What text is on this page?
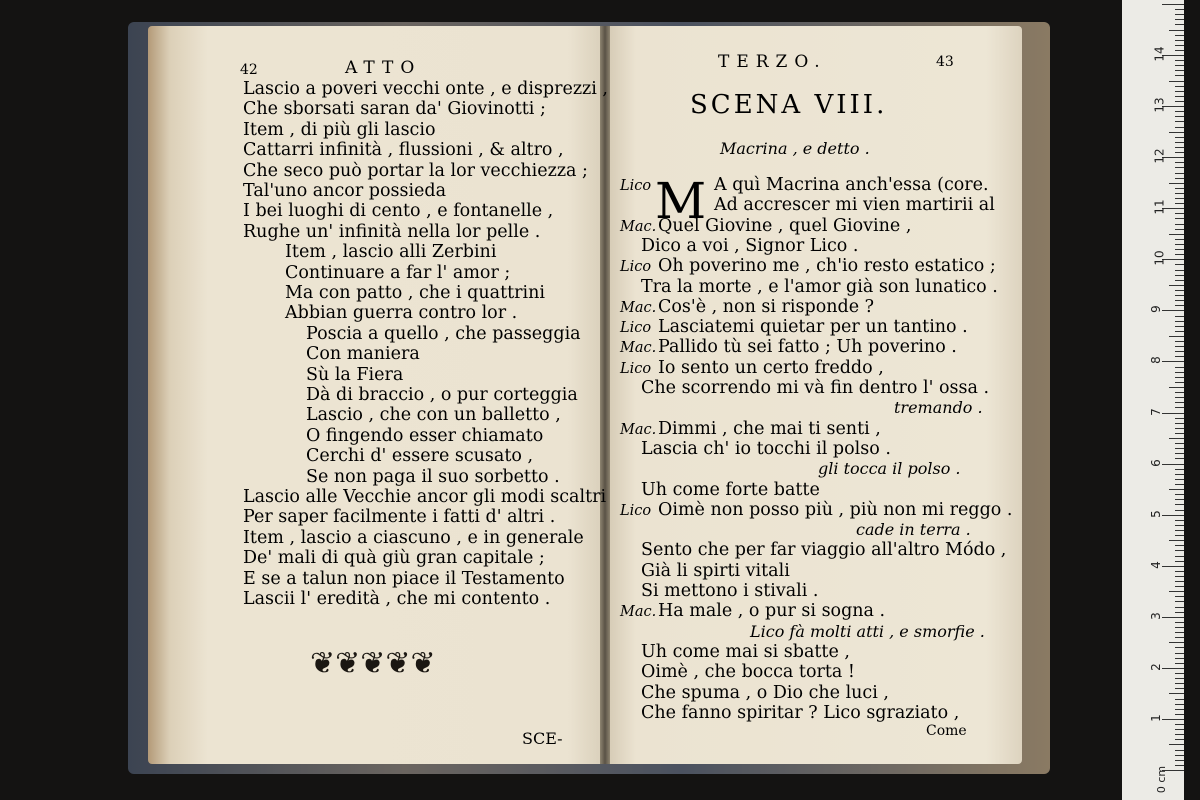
42	ATTO
Lascio a poveri vecchi onte , e disprezzi ,
Che sborsati saran da' Giovinotti ;
Item , di più gli lascio
Cattarri infinità , flussioni , & altro ,
Che seco può portar la lor vecchiezza ;
Tal'uno ancor possieda
I bei luoghi di cento , e fontanelle ,
Rughe un' infinità nella lor pelle .
Item , lascio alli Zerbini
Continuare a far l' amor ;
Ma con patto , che i quattrini
Abbian guerra contro lor .
Poscia a quello , che passeggia
Con maniera
Sù la Fiera
Dà di braccio , o pur corteggia
Lascio , che con un balletto ,
O fingendo esser chiamato
Cerchi d' essere scusato ,
Se non paga il suo sorbetto .
Lascio alle Vecchie ancor gli modi scaltri
Per saper facilmente i fatti d' altri .
Item , lascio a ciascuno , e in generale
De' mali di quà giù gran capitale ;
E se a talun non piace il Testamento
Lascii l' eredità , che mi contento .
❦❦❦❦❦
SCE-
TERZO.	43
SCENA VIII.
Macrina , e detto .
M
Lico	A quì Macrina anch'essa (core.
Ad accrescer mi vien martirii al
Mac. Quel Giovine , quel Giovine ,
Dico a voi , Signor Lico .
Lico Oh poverino me , ch'io resto estatico ;
Tra la morte , e l'amor già son lunatico .
Mac. Cos'è , non si risponde ?
Lico Lasciatemi quietar per un tantino .
Mac. Pallido tù sei fatto ; Uh poverino .
Lico Io sento un certo freddo ,
Che scorrendo mi và fin dentro l' ossa .
tremando .
Mac. Dimmi , che mai ti senti ,
Lascia ch' io tocchi il polso .
gli tocca il polso .
Uh come forte batte
Lico Oimè non posso più , più non mi reggo .
cade in terra .
Sento che per far viaggio all'altro Módo ,
Già li spirti vitali
Si mettono i stivali .
Mac. Ha male , o pur si sogna .
Lico fà molti atti , e smorfie .
Uh come mai si sbatte ,
Oimè , che bocca torta !
Che spuma , o Dio che luci ,
Che fanno spiritar ? Lico sgraziato ,
Come
14
13
12
11
10
9
8
7
6
5
4
3
2
1
0 cm
